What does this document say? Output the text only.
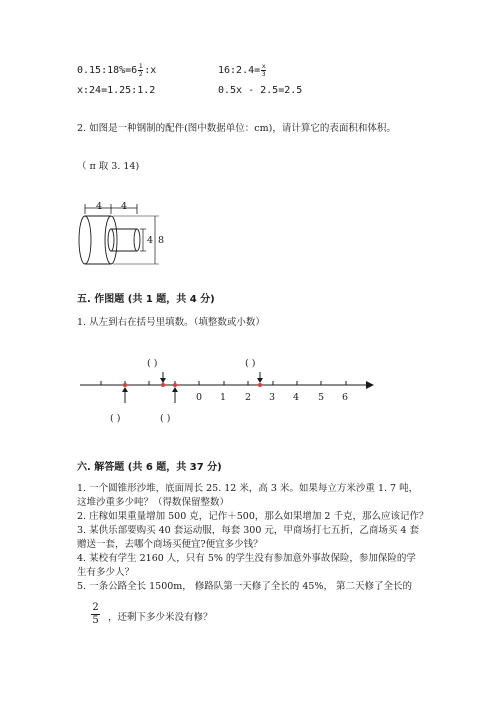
0.15:18%=6 $\frac{1}{2}$ :x	16:2.4= $\frac{x}{3}$
x:24=1.25:1.2	0.5x - 2.5=2.5
2. 如图是一种钢制的配件(图中数据单位：cm)，请计算它的表面积和体积。
（ π 取 3. 14)
4 4
4 8
五. 作图题 (共 1 题，共 4 分)
1. 从左到右在括号里填数。（填整数或小数）
( )	( )
( )	( )
0 1 2 3 4 5 6
六. 解答题 (共 6 题，共 37 分)
1. 一个圆锥形沙堆，底面周长 25. 12 米，高 3 米。如果每立方米沙重 1. 7 吨，
这堆沙重多少吨？（得数保留整数）
2. 庄稼如果重量增加 500 克，记作＋500，那么如果增加 2 千克，那么应该记作？
3. 某供乐部要购买 40 套运动服，每套 300 元，甲商场打七五折，乙商场买 4 套
赠送一套，去哪个商场买便宜?便宜多少钱？
4. 某校有学生 2160 人，只有 5% 的学生没有参加意外事故保险，参加保险的学
生有多少人？
5. 一条公路全长 1500m， 修路队第一天修了全长的 45%， 第二天修了全长的
2
5 ，还剩下多少米没有修？
